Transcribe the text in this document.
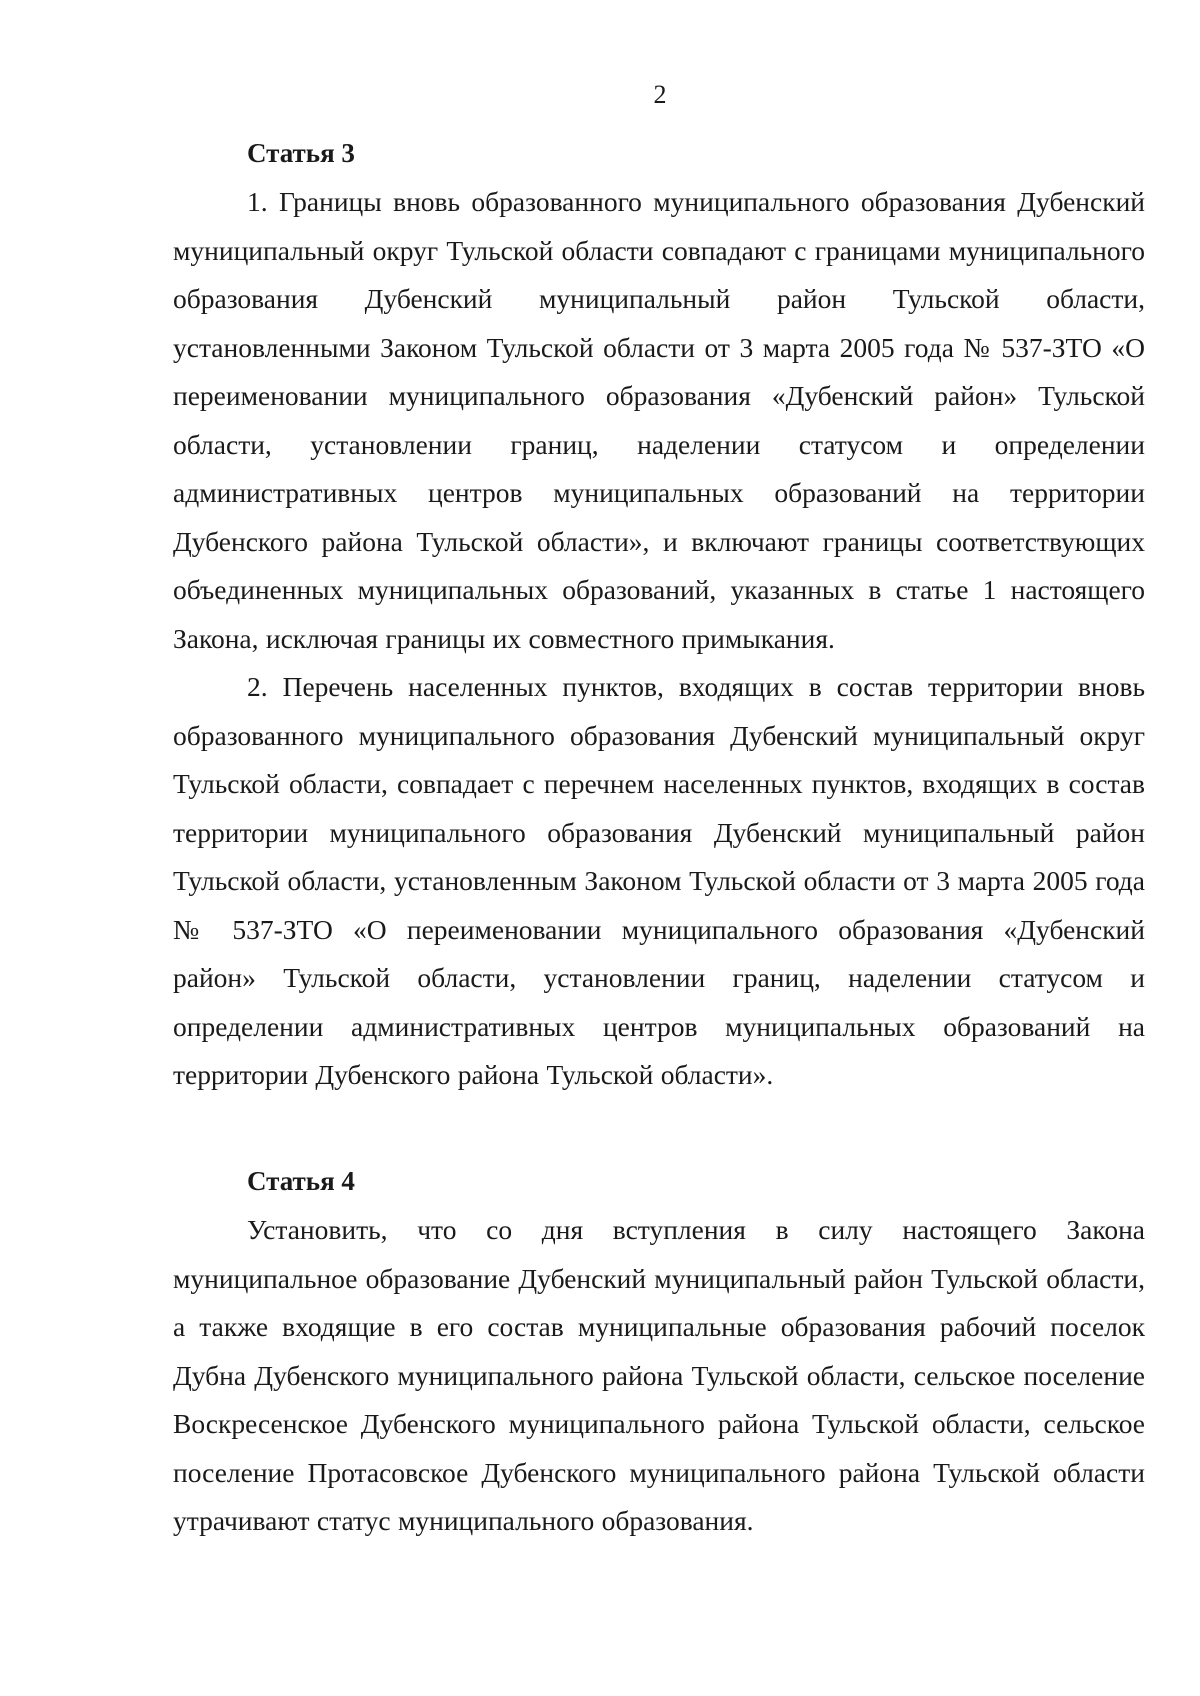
2
Статья 3

1. Границы вновь образованного муниципального образования Дубенский муниципальный округ Тульской области совпадают с границами муниципального образования Дубенский муниципальный район Тульской области, установленными Законом Тульской области от 3 марта 2005 года № 537-ЗТО «О переименовании муниципального образования «Дубенский район» Тульской области, установлении границ, наделении статусом и определении административных центров муниципальных образований на территории Дубенского района Тульской области», и включают границы соответствующих объединенных муниципальных образований, указанных в статье 1 настоящего Закона, исключая границы их совместного примыкания.

2. Перечень населенных пунктов, входящих в состав территории вновь образованного муниципального образования Дубенский муниципальный округ Тульской области, совпадает с перечнем населенных пунктов, входящих в состав территории муниципального образования Дубенский муниципальный район Тульской области, установленным Законом Тульской области от 3 марта 2005 года № 537-ЗТО «О переименовании муниципального образования «Дубенский район» Тульской области, установлении границ, наделении статусом и определении административных центров муниципальных образований на территории Дубенского района Тульской области».

Статья 4

Установить, что со дня вступления в силу настоящего Закона муниципальное образование Дубенский муниципальный район Тульской области, а также входящие в его состав муниципальные образования рабочий поселок Дубна Дубенского муниципального района Тульской области, сельское поселение Воскресенское Дубенского муниципального района Тульской области, сельское поселение Протасовское Дубенского муниципального района Тульской области утрачивают статус муниципального образования.
